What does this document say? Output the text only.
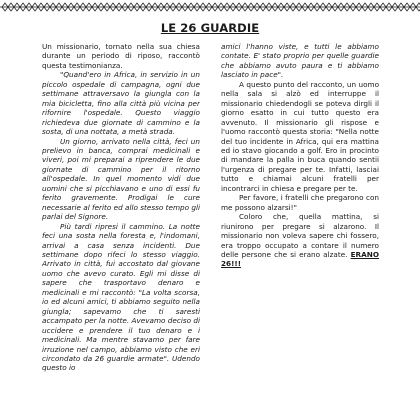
LE 26 GUARDIE

Un missionario, tornato nella sua chiesa durante un periodo di riposo, raccontò questa testimonianza.

"Quand'ero in Africa, in servizio in un piccolo ospedale di campagna, ogni due settimane attraversavo la giungla con la mia bicicletta, fino alla città più vicina per rifornire l'ospedale. Questo viaggio richiedeva due giornate di cammino e la sosta, di una nottata, a metà strada.

Un giorno, arrivato nella città, feci un prelievo in banca, comprai medicinali e viveri, poi mi preparai a riprendere le due giornate di cammino per il ritorno all'ospedale. In quel momento vidi due uomini che si picchiavano e uno di essi fu ferito gravemente. Prodigai le cure necessarie al ferito ed allo stesso tempo gli parlai del Signore.

Più tardi ripresi il cammino. La notte feci una sosta nella foresta e, l'indomani, arrivai a casa senza incidenti. Due settimane dopo rifeci lo stesso viaggio. Arrivato in città, fui accostato dal giovane uomo che avevo curato. Egli mi disse di sapere che trasportavo denaro e medicinali e mi raccontò: "La volta scorsa, io ed alcuni amici, ti abbiamo seguito nella giungla; sapevamo che ti saresti accampato per la notte. Avevamo deciso di uccidere e prendere il tuo denaro e i medicinali. Ma mentre stavamo per fare irruzione nel campo, abbiamo visto che eri circondato da 26 guardie armate". Udendo questo io

amici l'hanno viste, e tutti le abbiamo contate. E' stato proprio per quelle guardie che abbiamo avuto paura e ti abbiamo lasciato in pace".

A questo punto del racconto, un uomo nella sala si alzò ed interruppe il missionario chiedendogli se poteva dirgli il giorno esatto in cui tutto questo era avvenuto. Il missionario gli rispose e l'uomo raccontò questa storia: "Nella notte del tuo incidente in Africa, qui era mattina ed io stavo giocando a golf. Ero in procinto di mandare la palla in buca quando sentii l'urgenza di pregare per te. Infatti, lasciai tutto e chiamai alcuni fratelli per incontrarci in chiesa e pregare per te.

Per favore, i fratelli che pregarono con me possono alzarsi!"

Coloro che, quella mattina, si riunirono per pregare si alzarono. Il missionario non voleva sapere chi fossero, era troppo occupato a contare il numero delle persone che si erano alzate. ERANO 26!!!
